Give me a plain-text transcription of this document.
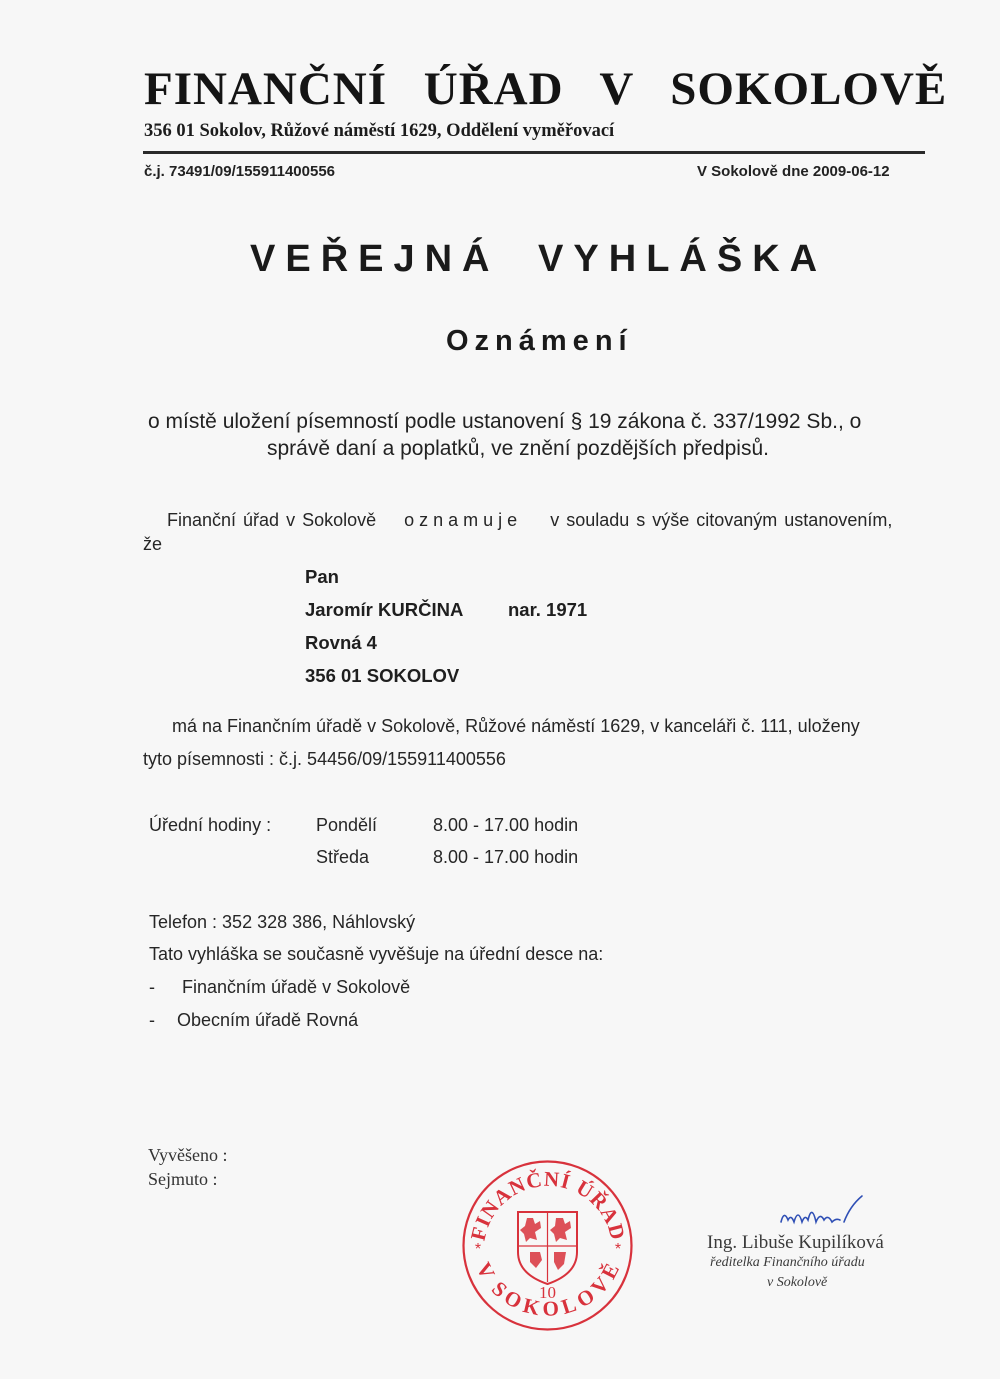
FINANČNÍ ÚŘAD V SOKOLOVĚ
356 01 Sokolov, Růžové náměstí 1629, Oddělení vyměřovací
č.j. 73491/09/155911400556	V Sokolově dne 2009-06-12
VEŘEJNÁ VYHLÁŠKA
Oznámení
o místě uložení písemností podle ustanovení § 19 zákona č. 337/1992 Sb., o
správě daní a poplatků, ve znění pozdějších předpisů.
Finanční úřad v Sokolově oznamuje v souladu s výše citovaným ustanovením,
že
Pan
Jaromír KURČINA nar. 1971
Rovná 4
356 01 SOKOLOV
má na Finančním úřadě v Sokolově, Růžové náměstí 1629, v kanceláři č. 111, uloženy
tyto písemnosti : č.j. 54456/09/155911400556
Úřední hodiny : Pondělí	8.00 - 17.00 hodin
Středa	8.00 - 17.00 hodin
Telefon : 352 328 386, Náhlovský
Tato vyhláška se současně vyvěšuje na úřední desce na:
- Finančním úřadě v Sokolově
- Obecním úřadě Rovná
Vyvěšeno :
Sejmuto :
FINANČNÍ ÚŘAD
V SOKOLOVĚ
*	*
10
Ing. Libuše Kupilíková
ředitelka Finančního úřadu
v Sokolově
